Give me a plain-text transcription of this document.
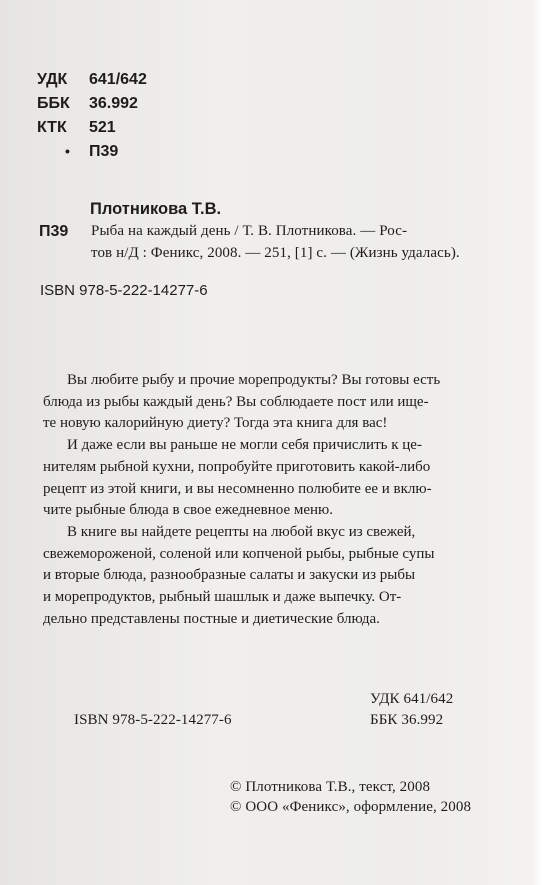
УДК 641/642
ББК 36.992
КТК 521
• П39
Плотникова Т.В.
П39 Рыба на каждый день / Т. В. Плотникова. — Рос-
тов н/Д : Феникс, 2008. — 251, [1] с. — (Жизнь удалась).
ISBN 978-5-222-14277-6
Вы любите рыбу и прочие морепродукты? Вы готовы есть
блюда из рыбы каждый день? Вы соблюдаете пост или ище-
те новую калорийную диету? Тогда эта книга для вас!
И даже если вы раньше не могли себя причислить к це-
нителям рыбной кухни, попробуйте приготовить какой-либо
рецепт из этой книги, и вы несомненно полюбите ее и вклю-
чите рыбные блюда в свое ежедневное меню.
В книге вы найдете рецепты на любой вкус из свежей,
свежемороженой, соленой или копченой рыбы, рыбные супы
и вторые блюда, разнообразные салаты и закуски из рыбы
и морепродуктов, рыбный шашлык и даже выпечку. От-
дельно представлены постные и диетические блюда.
УДК 641/642
ISBN 978-5-222-14277-6	ББК 36.992
© Плотникова Т.В., текст, 2008
© ООО «Феникс», оформление, 2008
